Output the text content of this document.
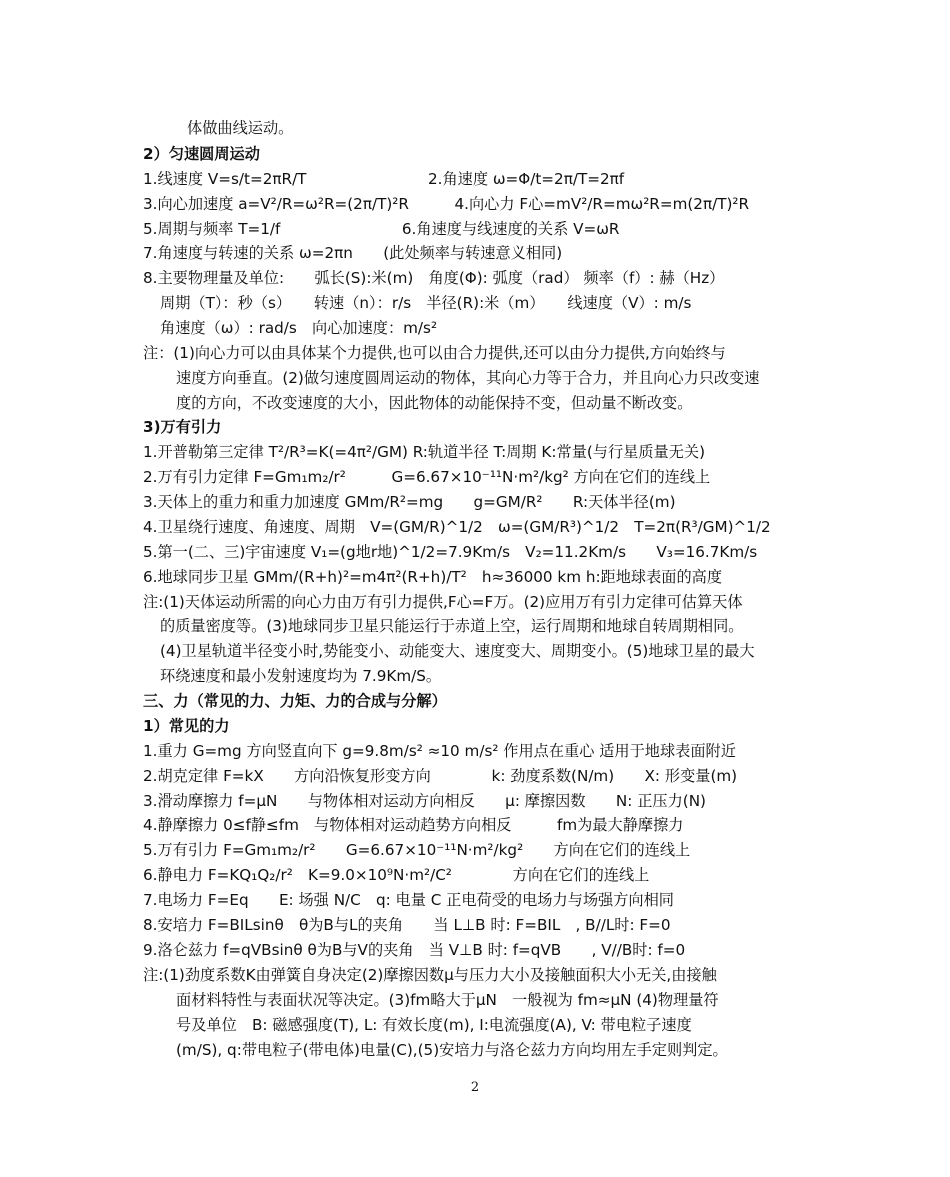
体做曲线运动。
2）匀速圆周运动
1.线速度 V=s/t=2πR/T　　　　　　　　2.角速度 ω=Φ/t=2π/T=2πf
3.向心加速度 a=V²/R=ω²R=(2π/T)²R　　　4.向心力 F心=mV²/R=mω²R=m(2π/T)²R
5.周期与频率 T=1/f　　　　　　　　6.角速度与线速度的关系 V=ωR
7.角速度与转速的关系 ω=2πn　　(此处频率与转速意义相同)
8.主要物理量及单位:　　弧长(S):米(m)　角度(Φ): 弧度（rad） 频率（f）: 赫（Hz）
周期（T）：秒（s）　　转速（n）：r/s　半径(R):米（m）　　线速度（V）: m/s
角速度（ω）: rad/s　向心加速度：m/s²
注：(1)向心力可以由具体某个力提供,也可以由合力提供,还可以由分力提供,方向始终与
速度方向垂直。(2)做匀速度圆周运动的物体，其向心力等于合力，并且向心力只改变速
度的方向，不改变速度的大小，因此物体的动能保持不变，但动量不断改变。
3)万有引力
1.开普勒第三定律 T²/R³=K(=4π²/GM) R:轨道半径 T:周期 K:常量(与行星质量无关)
2.万有引力定律 F=Gm₁m₂/r²　　　G=6.67×10⁻¹¹N·m²/kg² 方向在它们的连线上
3.天体上的重力和重力加速度 GMm/R²=mg　　g=GM/R²　　R:天体半径(m)
4.卫星绕行速度、角速度、周期　V=(GM/R)^1/2　ω=(GM/R³)^1/2　T=2π(R³/GM)^1/2
5.第一(二、三)宇宙速度 V₁=(g地r地)^1/2=7.9Km/s　V₂=11.2Km/s　　V₃=16.7Km/s
6.地球同步卫星 GMm/(R+h)²=m4π²(R+h)/T²　h≈36000 km h:距地球表面的高度
注:(1)天体运动所需的向心力由万有引力提供,F心=F万。(2)应用万有引力定律可估算天体
的质量密度等。(3)地球同步卫星只能运行于赤道上空，运行周期和地球自转周期相同。
(4)卫星轨道半径变小时,势能变小、动能变大、速度变大、周期变小。(5)地球卫星的最大
环绕速度和最小发射速度均为 7.9Km/S。
三、力（常见的力、力矩、力的合成与分解）
1）常见的力
1.重力 G=mg 方向竖直向下 g=9.8m/s² ≈10 m/s² 作用点在重心 适用于地球表面附近
2.胡克定律 F=kX　　方向沿恢复形变方向　　　　k: 劲度系数(N/m)　　X: 形变量(m)
3.滑动摩擦力 f=μN　　与物体相对运动方向相反　　μ: 摩擦因数　　N: 正压力(N)
4.静摩擦力 0≤f静≤fm　与物体相对运动趋势方向相反　　　fm为最大静摩擦力
5.万有引力 F=Gm₁m₂/r²　　G=6.67×10⁻¹¹N·m²/kg²　　方向在它们的连线上
6.静电力 F=KQ₁Q₂/r²　K=9.0×10⁹N·m²/C²　　　　方向在它们的连线上
7.电场力 F=Eq　　E: 场强 N/C　q: 电量 C 正电荷受的电场力与场强方向相同
8.安培力 F=BILsinθ　θ为B与L的夹角　　当 L⊥B 时: F=BIL　, B//L时: F=0
9.洛仑兹力 f=qVBsinθ θ为B与V的夹角　当 V⊥B 时: f=qVB　　, V//B时: f=0
注:(1)劲度系数K由弹簧自身决定(2)摩擦因数μ与压力大小及接触面积大小无关,由接触
面材料特性与表面状况等决定。(3)fm略大于μN　一般视为 fm≈μN (4)物理量符
号及单位　B: 磁感强度(T), L: 有效长度(m), I:电流强度(A), V: 带电粒子速度
(m/S), q:带电粒子(带电体)电量(C),(5)安培力与洛仑兹力方向均用左手定则判定。
2
